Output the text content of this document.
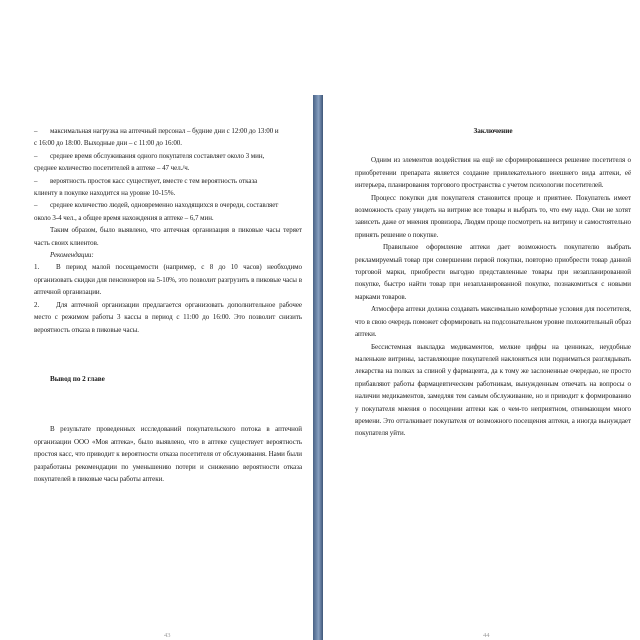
– максимальная нагрузка на аптечный персонал – будние дни с 12:00 до 13:00 и
с 16:00 до 18:00. Выходные дни – с 11:00 до 16:00.
– среднее время обслуживания одного покупателя составляет около 3 мин,
среднее количество посетителей в аптеке – 47 чел./ч.
– вероятность простоя касс существует, вместе с тем вероятность отказа
клиенту в покупке находится на уровне 10-15%.
– среднее количество людей, одновременно находящихся в очереди, составляет
около 3-4 чел., а общее время нахождения в аптеке – 6,7 мин.
Таким образом, было выявлено, что аптечная организация в пиковые часы теряет часть своих клиентов.
Рекомендации:
1. В период малой посещаемости (например, с 8 до 10 часов) необходимо организовать скидки для пенсионеров на 5-10%, это позволит разгрузить в пиковые часы в аптечной организации.
2. Для аптечной организации предлагается организовать дополнительное рабочее место с режимом работы 3 кассы в период с 11:00 до 16:00. Это позволит снизить вероятность отказа в пиковые часы.
Вывод по 2 главе
В результате проведенных исследований покупательского потока в аптечной организации ООО «Моя аптека», было выявлено, что в аптеке существует вероятность простоя касс, что приводит к вероятности отказа посетителя от обслуживания. Нами были разработаны рекомендации по уменьшению потери и снижению вероятности отказа покупателей в пиковые часы работы аптеки.
43
Заключение
Одним из элементов воздействия на ещё не сформировавшееся решение посетителя о приобретении препарата является создание привлекательного внешнего вида аптеки, её интерьера, планирования торгового пространства с учетом психологии посетителей.
Процесс покупки для покупателя становится проще и приятнее. Покупатель имеет возможность сразу увидеть на витрине все товары и выбрать то, что ему надо. Они не хотят зависеть даже от мнения провизора, Людям проще посмотреть на витрину и самостоятельно принять решение о покупке.
Правильное оформление аптеки дает возможность покупателю выбрать рекламируемый товар при совершении первой покупки, повторно приобрести товар данной торговой марки, приобрести выгодно представленные товары при незапланированной покупке, быстро найти товар при незапланированной покупке, познакомиться с новыми марками товаров.
Атмосфера аптеки должна создавать максимально комфортные условия для посетителя, что в свою очередь поможет сформировать на подсознательном уровне положительный образ аптеки.
Бессистемная выкладка медикаментов, мелкие цифры на ценниках, неудобные маленькие витрины, заставляющие покупателей наклоняться или подниматься разглядывать лекарства на полках за спиной у фармацевта, да к тому же заслоненные очередью, не просто прибавляют работы фармацевтическим работникам, вынужденным отвечать на вопросы о наличии медикаментов, замедляя тем самым обслуживание, но и приводит к формированию у покупателя мнения о посещении аптеки как о чем-то неприятном, отнимающем много времени. Это отталкивает покупателя от возможного посещения аптеки, а иногда вынуждает покупателя уйти.
44
